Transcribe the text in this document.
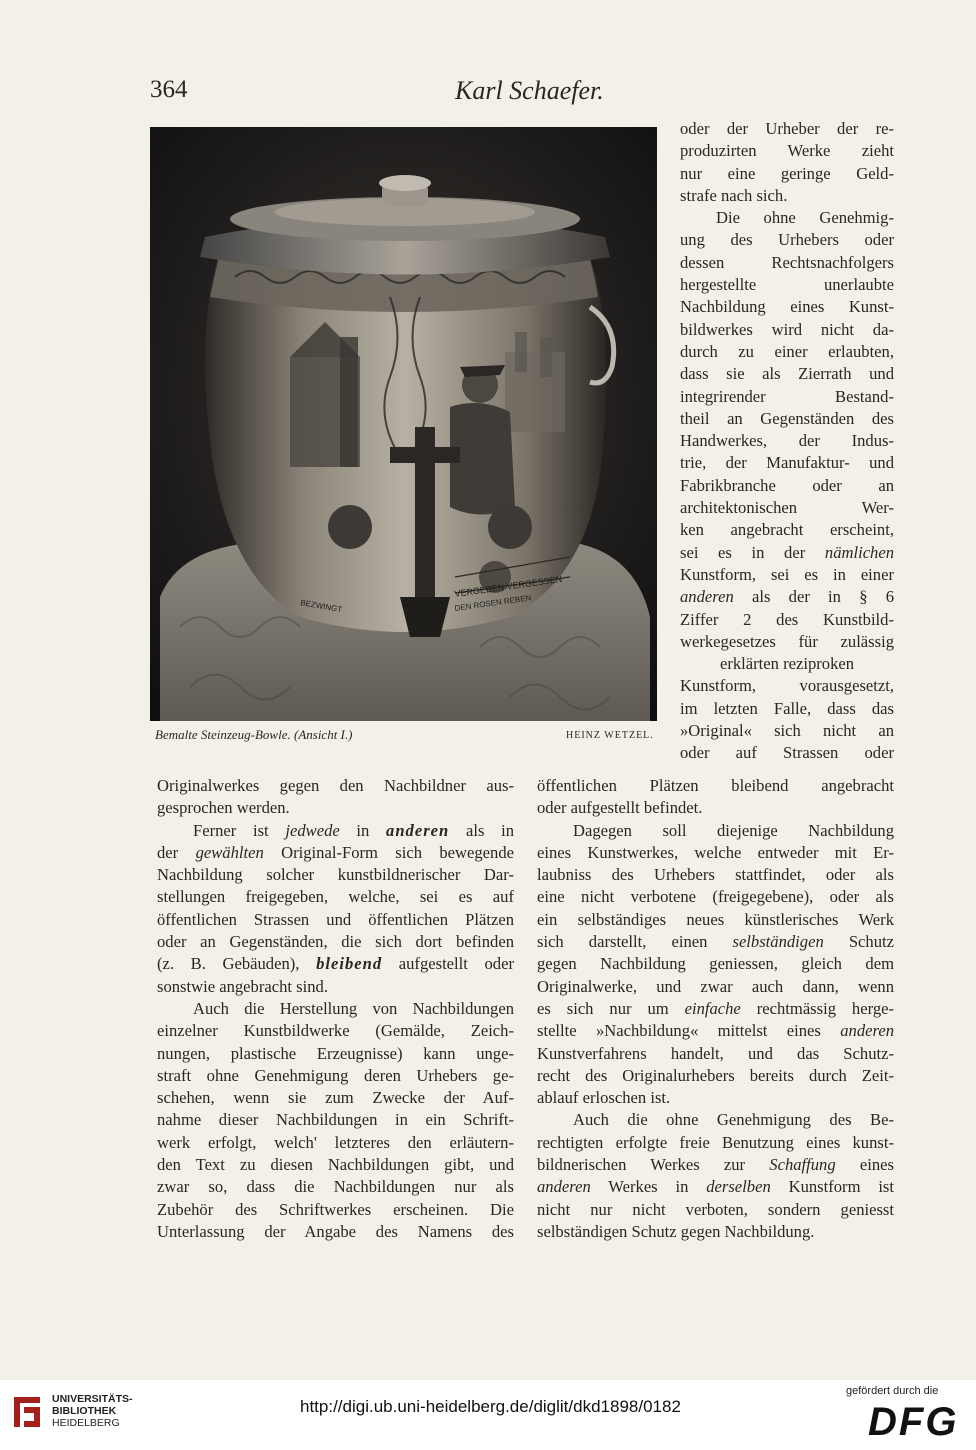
364	Karl Schaefer.
VERGEBEN VERGESSEN
DEN ROSEN REBEN
BEZWINGT
Bemalte Steinzeug-Bowle. (Ansicht I.)	HEINZ WETZEL.
oder der Urheber der re-
produzirten Werke zieht
nur eine geringe Geld-
strafe nach sich.
Die ohne Genehmig-
ung des Urhebers oder
dessen Rechtsnachfolgers
hergestellte unerlaubte
Nachbildung eines Kunst-
bildwerkes wird nicht da-
durch zu einer erlaubten,
dass sie als Zierrath und
integrirender Bestand-
theil an Gegenständen des
Handwerkes, der Indus-
trie, der Manufaktur- und
Fabrikbranche oder an
architektonischen Wer-
ken angebracht erscheint,
sei es in der nämlichen
Kunstform, sei es in einer
anderen als der in § 6
Ziffer 2 des Kunstbild-
werkegesetzes für zulässig
erklärten reziproken
Kunstform, vorausgesetzt,
im letzten Falle, dass das
»Original« sich nicht an
oder auf Strassen oder
Originalwerkes gegen den Nachbildner aus-
gesprochen werden.
Ferner ist jedwede in anderen als in
der gewählten Original-Form sich bewegende
Nachbildung solcher kunstbildnerischer Dar-
stellungen freigegeben, welche, sei es auf
öffentlichen Strassen und öffentlichen Plätzen
oder an Gegenständen, die sich dort befinden
(z. B. Gebäuden), bleibend aufgestellt oder
sonstwie angebracht sind.
Auch die Herstellung von Nachbildungen
einzelner Kunstbildwerke (Gemälde, Zeich-
nungen, plastische Erzeugnisse) kann unge-
straft ohne Genehmigung deren Urhebers ge-
schehen, wenn sie zum Zwecke der Auf-
nahme dieser Nachbildungen in ein Schrift-
werk erfolgt, welch' letzteres den erläutern-
den Text zu diesen Nachbildungen gibt, und
zwar so, dass die Nachbildungen nur als
Zubehör des Schriftwerkes erscheinen. Die
Unterlassung der Angabe des Namens des
öffentlichen Plätzen bleibend angebracht
oder aufgestellt befindet.
Dagegen soll diejenige Nachbildung
eines Kunstwerkes, welche entweder mit Er-
laubniss des Urhebers stattfindet, oder als
eine nicht verbotene (freigegebene), oder als
ein selbständiges neues künstlerisches Werk
sich darstellt, einen selbständigen Schutz
gegen Nachbildung geniessen, gleich dem
Originalwerke, und zwar auch dann, wenn
es sich nur um einfache rechtmässig herge-
stellte »Nachbildung« mittelst eines anderen
Kunstverfahrens handelt, und das Schutz-
recht des Originalurhebers bereits durch Zeit-
ablauf erloschen ist.
Auch die ohne Genehmigung des Be-
rechtigten erfolgte freie Benutzung eines kunst-
bildnerischen Werkes zur Schaffung eines
anderen Werkes in derselben Kunstform ist
nicht nur nicht verboten, sondern geniesst
selbständigen Schutz gegen Nachbildung.
UNIVERSITÄTS-
BIBLIOTHEK
HEIDELBERG
http://digi.ub.uni-heidelberg.de/diglit/dkd1898/0182
gefördert durch die
DFG
